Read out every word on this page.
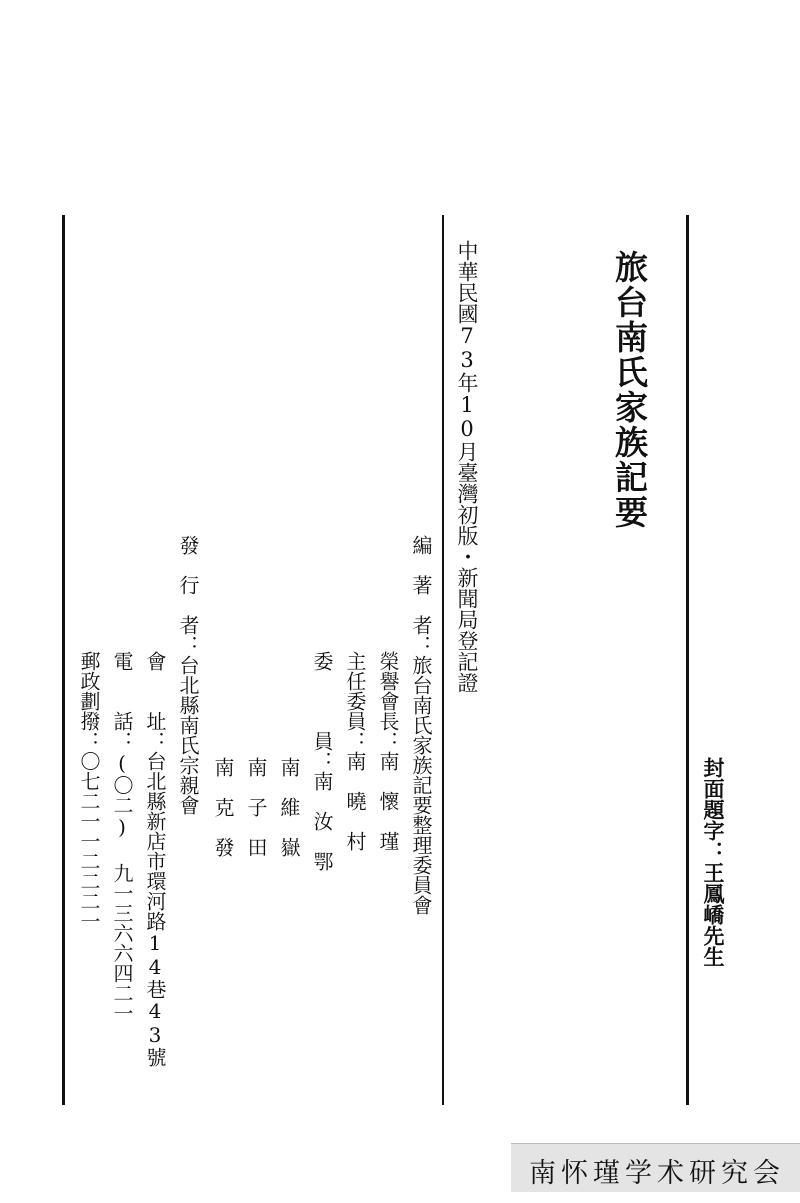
旅台南氏家族記要
封面題字：王鳳嶠先生
中華民國73年10月臺灣初版・新聞局登記證
編　著　者：
旅台南氏家族記要整理委員會
榮譽會長：南　懷　瑾
主任委員：南　曉　村
委　　　員：南　汝　鄂
南　維　嶽
南　子　田
南　克　發
發　行　者：
台北縣南氏宗親會
會　　址：台北縣新店市環河路14巷43號
電　　話：(〇二) 九一三六六四二一
郵政劃撥：〇七二一一二二二一
南怀瑾学术研究会
